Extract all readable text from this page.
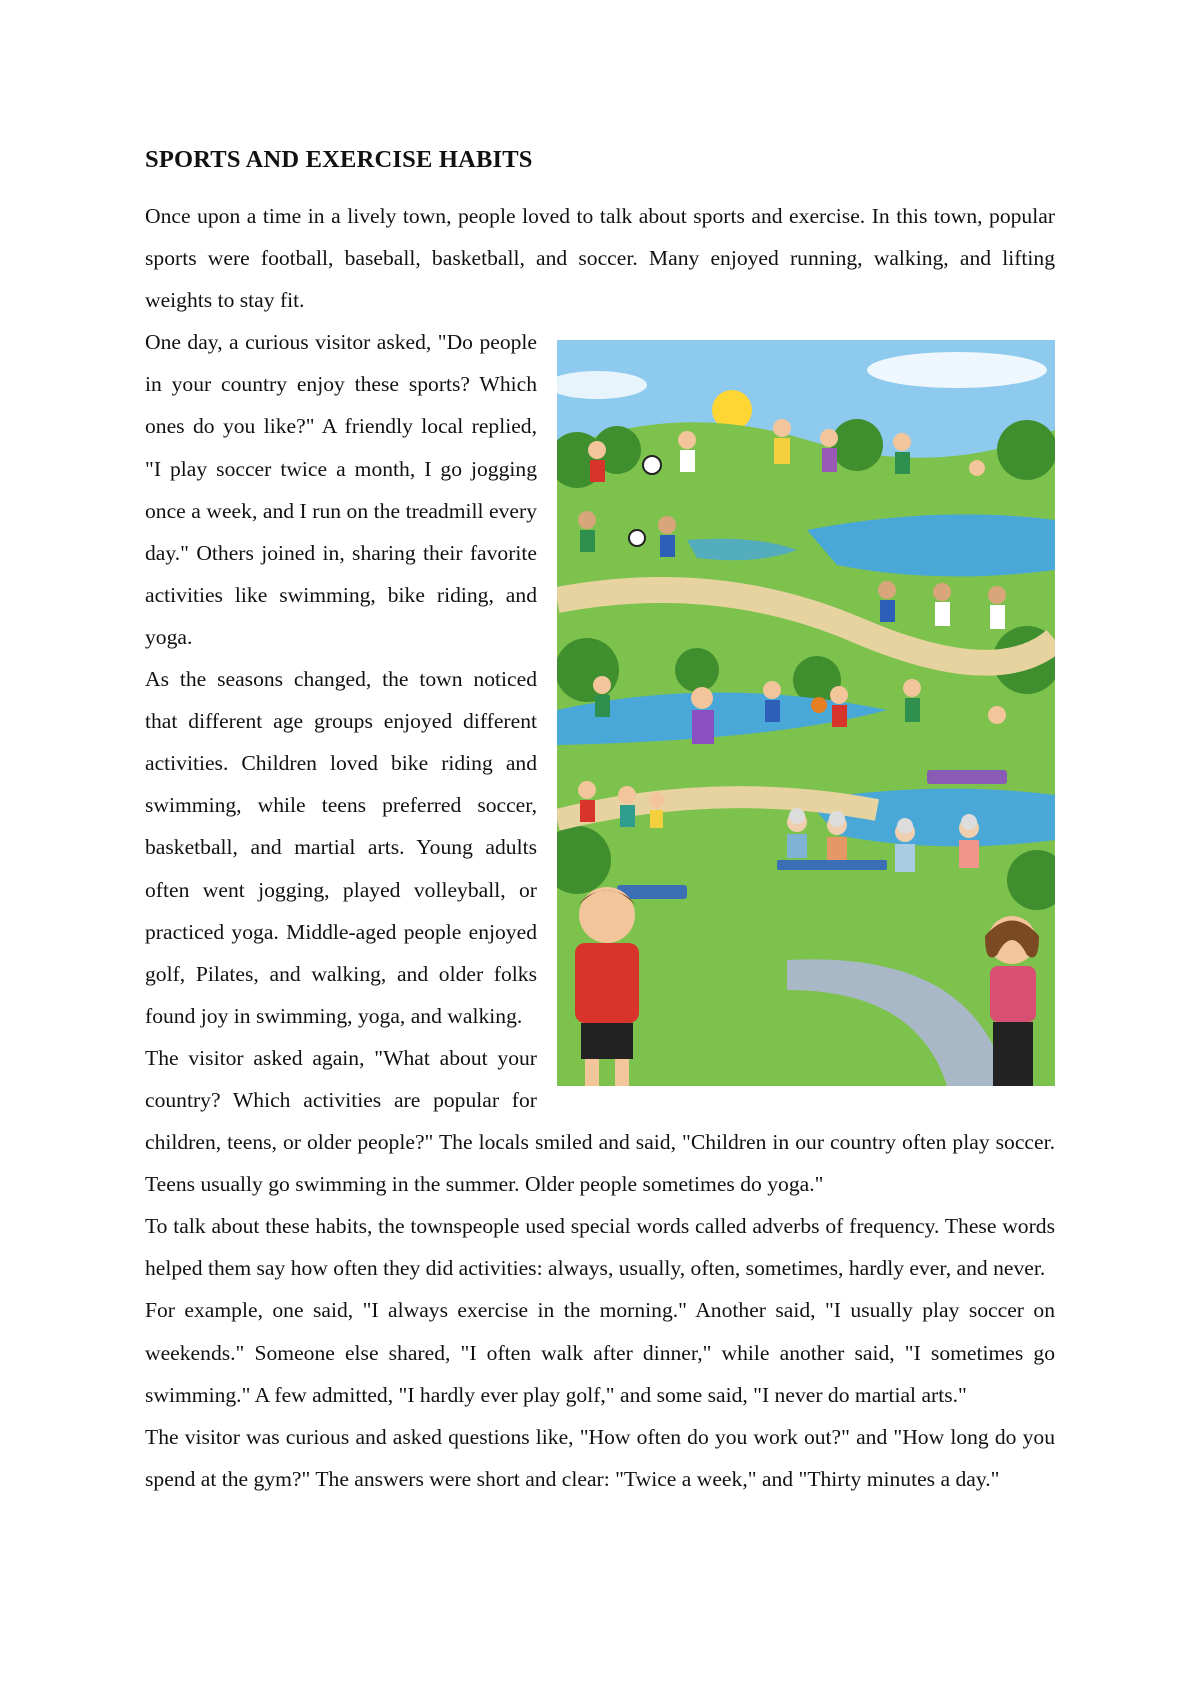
SPORTS AND EXERCISE HABITS

Once upon a time in a lively town, people loved to talk about sports and exercise. In this town, popular sports were football, baseball, basketball, and soccer. Many enjoyed running, walking, and lifting weights to stay fit.

One day, a curious visitor asked, "Do people in your country enjoy these sports? Which ones do you like?" A friendly local replied, "I play soccer twice a month, I go jogging once a week, and I run on the treadmill every day." Others joined in, sharing their favorite activities like swimming, bike riding, and yoga.

As the seasons changed, the town noticed that different age groups enjoyed different activities. Children loved bike riding and swimming, while teens preferred soccer, basketball, and martial arts. Young adults often went jogging, played volleyball, or practiced yoga. Middle-aged people enjoyed golf, Pilates, and walking, and older folks found joy in swimming, yoga, and walking.

The visitor asked again, "What about your country? Which activities are popular for children, teens, or older people?" The locals smiled and said, "Children in our country often play soccer. Teens usually go swimming in the summer. Older people sometimes do yoga."

To talk about these habits, the townspeople used special words called adverbs of frequency. These words helped them say how often they did activities: always, usually, often, sometimes, hardly ever, and never.

For example, one said, "I always exercise in the morning." Another said, "I usually play soccer on weekends." Someone else shared, "I often walk after dinner," while another said, "I sometimes go swimming." A few admitted, "I hardly ever play golf," and some said, "I never do martial arts."

The visitor was curious and asked questions like, "How often do you work out?" and "How long do you spend at the gym?" The answers were short and clear: "Twice a week," and "Thirty minutes a day."
